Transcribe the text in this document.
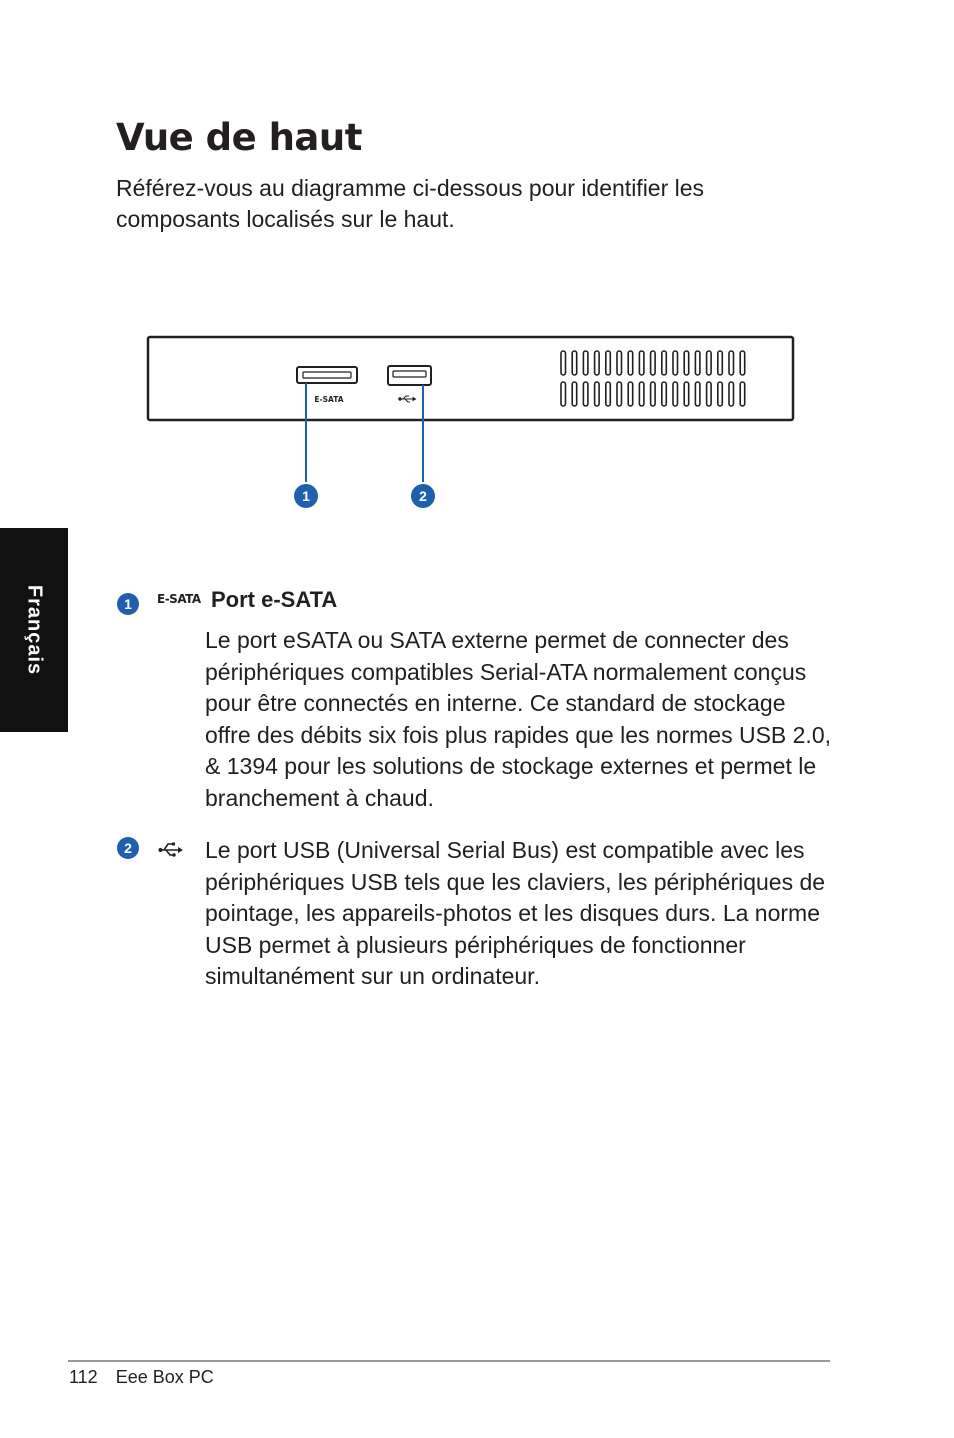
Vue de haut

Référez-vous au diagramme ci-dessous pour identifier les composants localisés sur le haut.

E-SATA
1	2
Français	1	E-SATA Port e-SATA

Le port eSATA ou SATA externe permet de connecter des périphériques compatibles Serial-ATA normalement conçus pour être connectés en interne. Ce standard de stockage offre des débits six fois plus rapides que les normes USB 2.0, & 1394 pour les solutions de stockage externes et permet le branchement à chaud.

2	Le port USB (Universal Serial Bus) est compatible avec les périphériques USB tels que les claviers, les périphériques de pointage, les appareils-photos et les disques durs. La norme USB permet à plusieurs périphériques de fonctionner simultanément sur un ordinateur.

112 Eee Box PC
